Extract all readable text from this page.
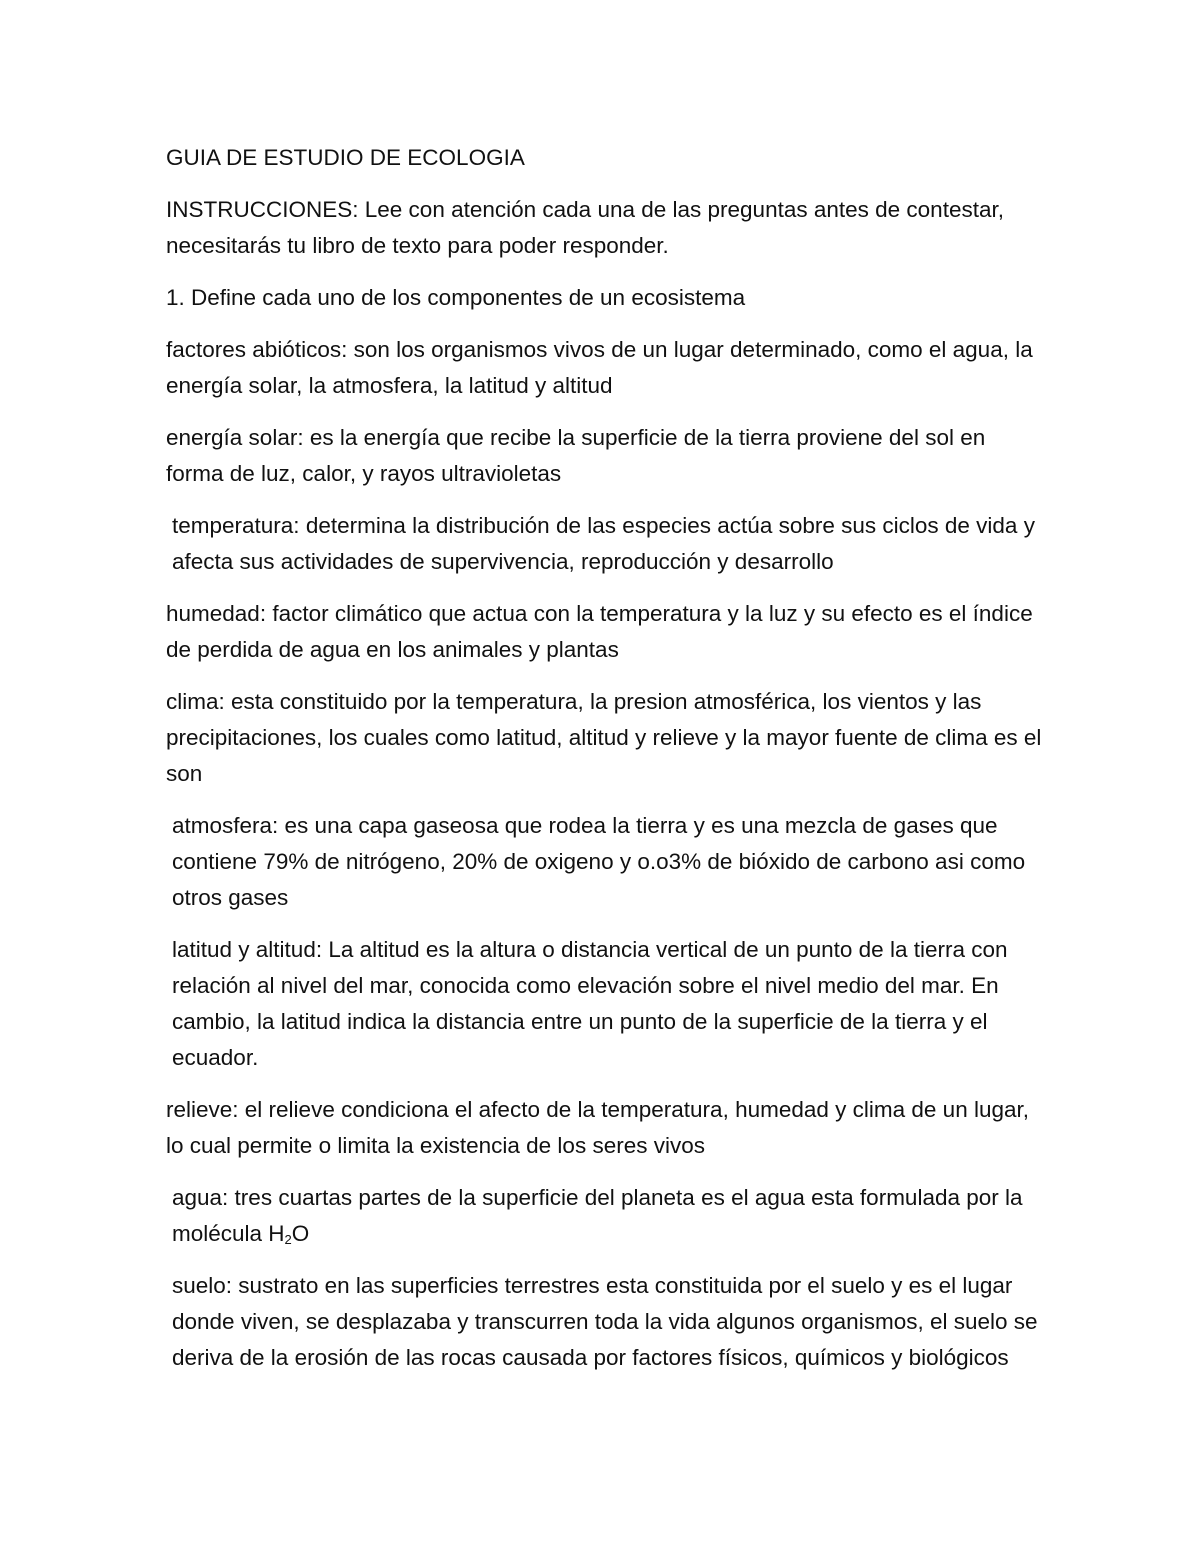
GUIA DE ESTUDIO DE ECOLOGIA

INSTRUCCIONES: Lee con atención cada una de las preguntas antes de contestar, necesitarás tu libro de texto para poder responder.

1. Define cada uno de los componentes de un ecosistema

factores abióticos: son los organismos vivos de un lugar determinado, como el agua, la energía solar, la atmosfera, la latitud y altitud

energía solar: es la energía que recibe la superficie de la tierra proviene del sol en forma de luz, calor, y rayos ultravioletas

temperatura: determina la distribución de las especies actúa sobre sus ciclos de vida y afecta sus actividades de supervivencia, reproducción y desarrollo

humedad: factor climático que actua con la temperatura y la luz y su efecto es el índice de perdida de agua en los animales y plantas

clima: esta constituido por la temperatura, la presion atmosférica, los vientos y las precipitaciones, los cuales como latitud, altitud y relieve y la mayor fuente de clima es el son

atmosfera: es una capa gaseosa que rodea la tierra y es una mezcla de gases que contiene 79% de nitrógeno, 20% de oxigeno y o.o3% de bióxido de carbono asi como otros gases

latitud y altitud: La altitud es la altura o distancia vertical de un punto de la tierra con relación al nivel del mar, conocida como elevación sobre el nivel medio del mar. En cambio, la latitud indica la distancia entre un punto de la superficie de la tierra y el ecuador.

relieve: el relieve condiciona el afecto de la temperatura, humedad y clima de un lugar, lo cual permite o limita la existencia de los seres vivos

agua: tres cuartas partes de la superficie del planeta es el agua esta formulada por la molécula $H_2O$

suelo: sustrato en las superficies terrestres esta constituida por el suelo y es el lugar donde viven, se desplazaba y transcurren toda la vida algunos organismos, el suelo se deriva de la erosión de las rocas causada por factores físicos, químicos y biológicos
